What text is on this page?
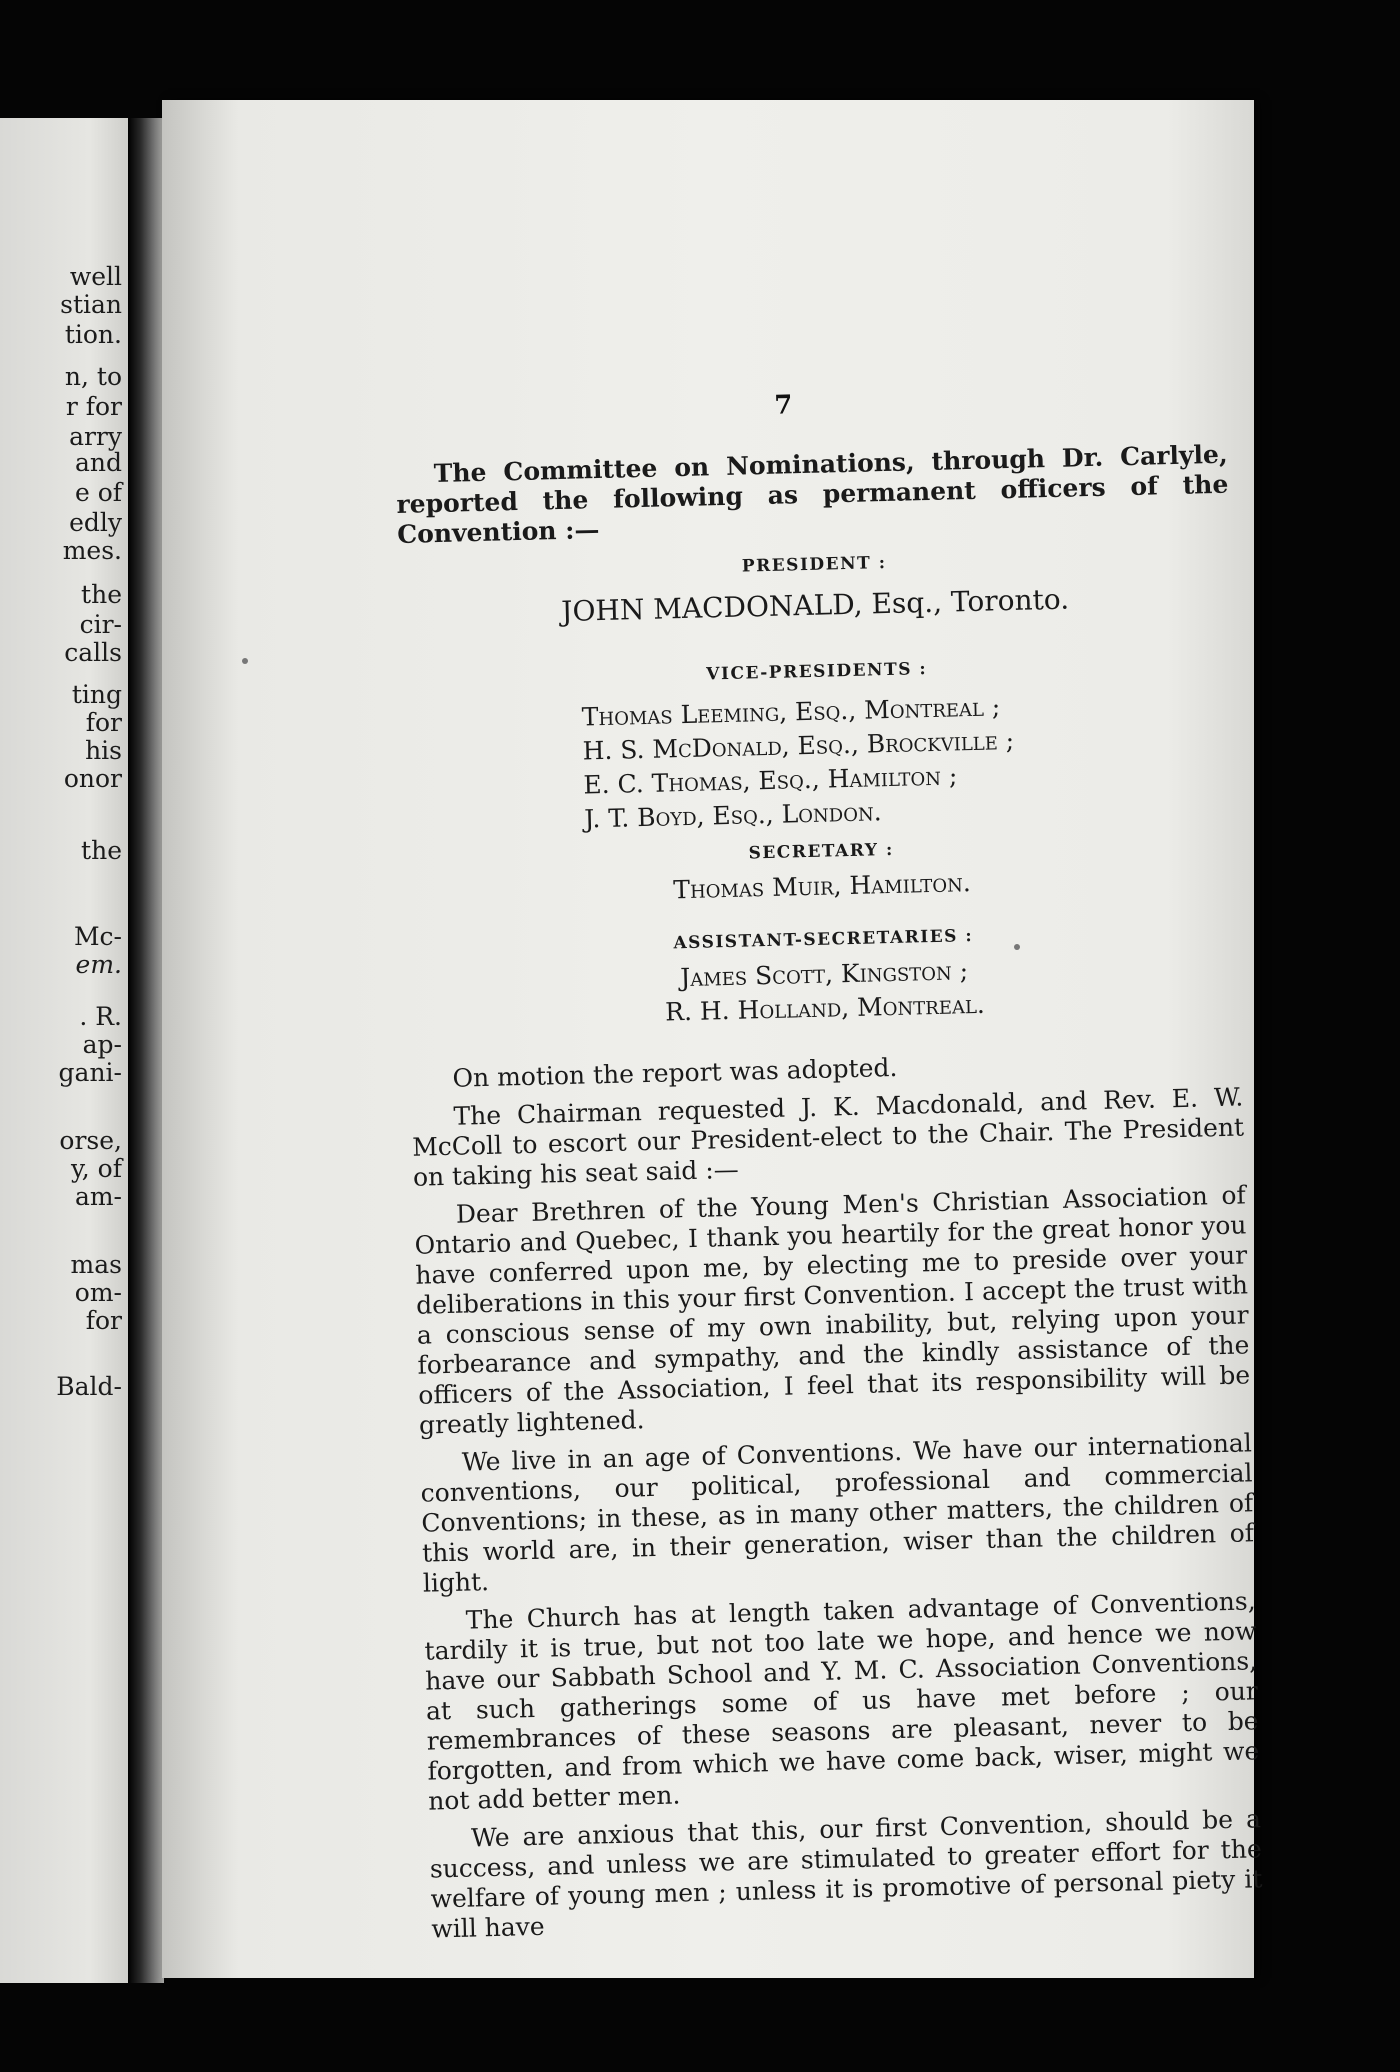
well
stian
tion.
n, to
r for
arry
and
e of
edly
mes.
the
cir-
calls
ting
for
his
onor
the
Mc-
em.
. R.
ap-
gani-
orse,
y, of
am-
mas
om-
for
Bald-
7

The Committee on Nominations, through Dr. Carlyle, reported the following as permanent officers of the Convention :—

PRESIDENT :
JOHN MACDONALD, Esq., Toronto.
VICE-PRESIDENTS :
Thomas Leeming, Esq., Montreal ;
H. S. McDonald, Esq., Brockville ;
E. C. Thomas, Esq., Hamilton ;
J. T. Boyd, Esq., London.
SECRETARY :
Thomas Muir, Hamilton.
ASSISTANT-SECRETARIES :
James Scott, Kingston ;
R. H. Holland, Montreal.

On motion the report was adopted.

The Chairman requested J. K. Macdonald, and Rev. E. W. McColl to escort our President-elect to the Chair. The President on taking his seat said :—

Dear Brethren of the Young Men's Christian Association of Ontario and Quebec, I thank you heartily for the great honor you have conferred upon me, by electing me to preside over your deliberations in this your first Convention. I accept the trust with a conscious sense of my own inability, but, relying upon your forbearance and sympathy, and the kindly assistance of the officers of the Association, I feel that its responsibility will be greatly lightened.

We live in an age of Conventions. We have our international conventions, our political, professional and commercial Conventions; in these, as in many other matters, the children of this world are, in their generation, wiser than the children of light.

The Church has at length taken advantage of Conventions, tardily it is true, but not too late we hope, and hence we now have our Sabbath School and Y. M. C. Association Conventions, at such gatherings some of us have met before ; our remembrances of these seasons are pleasant, never to be forgotten, and from which we have come back, wiser, might we not add better men.

We are anxious that this, our first Convention, should be a success, and unless we are stimulated to greater effort for the welfare of young men ; unless it is promotive of personal piety it will have
